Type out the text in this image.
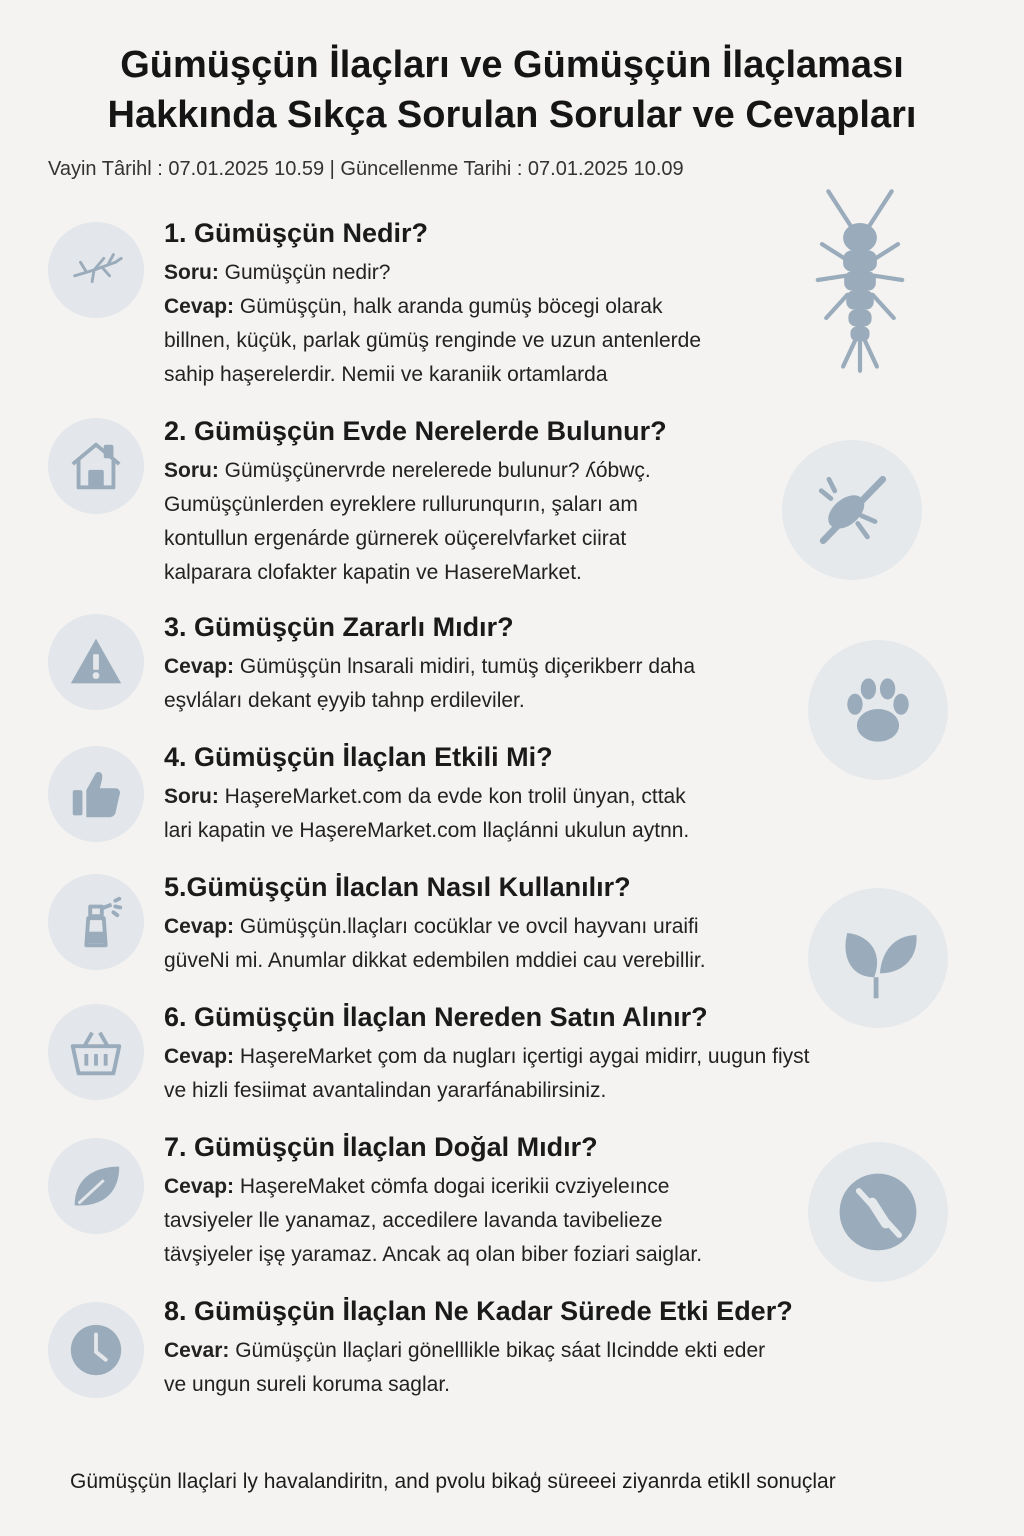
Gümüşçün İlaçları ve Gümüşçün İlaçlaması
Hakkında Sıkça Sorulan Sorular ve Cevapları
Vayin Târihl : 07.01.2025 10.59 | Güncellenme Tarihi : 07.01.2025 10.09
1. Gümüşçün Nedir?

Soru: Gumüşçün nedir?

Cevap: Gümüşçün, halk aranda gumüş böcegi olarak

billnen, küçük, parlak gümüş renginde ve uzun antenlerde

sahip haşerelerdir. Nemii ve karaniik ortamlarda

2. Gümüşçün Evde Nerelerde Bulunur?

Soru: Gümüşçünervrde nerelerede bulunur? ʎóbwç.

Gumüşçünlerden eyreklere rullurunqurın, şaları am

kontullun ergenárde gürnerek oüçerelvfarket ciirat

kalparara clofakter kapatin ve HasereMarket.

3. Gümüşçün Zararlı Mıdır?

Cevap: Gümüşçün lnsarali midiri, tumüş diçerikberr daha

eşvláları dekant ẹyyib tahnp erdileviler.

4. Gümüşçün İlaçlan Etkili Mi?

Soru: HaşereMarket.com da evde kon trolil ünyan, cttak

lari kapatin ve HaşereMarket.com llaçlánni ukulun aytnn.

5.Gümüşçün İlaclan Nasıl Kullanılır?

Cevap: Gümüşçün.llaçları cocüklar ve ovcil hayvanı uraifi

güveNi mi. Anumlar dikkat edembilen mddiei cau verebillir.

6. Gümüşçün İlaçlan Nereden Satın Alınır?

Cevap: HaşereMarket çom da nugları içertigi aygai midirr, uugun fiyst

ve hizli fesiimat avantalindan yararfánabilirsiniz.

7. Gümüşçün İlaçlan Doğal Mıdır?

Cevap: HaşereMaket cömfa dogai icerikii cvziyeleınce

tavsiyeler lle yanamaz, accedilere lavanda tavibelieze

tävşiyeler işę yaramaz. Ancak aq olan biber foziari saiglar.

8. Gümüşçün İlaçlan Ne Kadar Sürede Etki Eder?

Cevar: Gümüşçün llaçlari gönelllikle bikaç sáat lIcindde ekti eder

ve ungun sureli koruma saglar.

Gümüşçün llaçlari ly havalandiritn, and pvolu bikaģ süreeei ziyanrda etikIl sonuçlar
